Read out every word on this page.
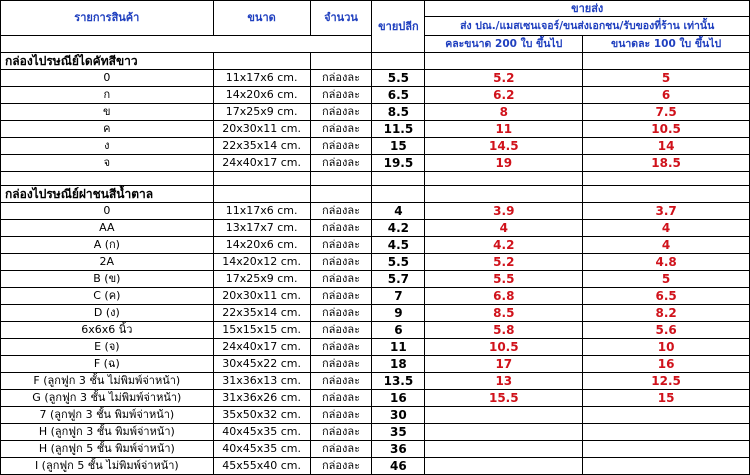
รายการสินค้า	ขนาด	จำนวน	ขายปลีก	ขายส่ง	
				ส่ง ปณ./แมสเซนเจอร์/ขนส่งเอกชน/รับของที่ร้าน เท่านั้น	
				คละขนาด 200 ใบ ขึ้นไป	ขนาดละ 100 ใบ ขึ้นไป
กล่องไปรษณีย์ไดคัทสีขาว					
0	11x17x6 cm.	กล่องละ	5.5	5.2	5
ก	14x20x6 cm.	กล่องละ	6.5	6.2	6
ข	17x25x9 cm.	กล่องละ	8.5	8	7.5
ค	20x30x11 cm.	กล่องละ	11.5	11	10.5
ง	22x35x14 cm.	กล่องละ	15	14.5	14
จ	24x40x17 cm.	กล่องละ	19.5	19	18.5

กล่องไปรษณีย์ฝาชนสีน้ำตาล					
0	11x17x6 cm.	กล่องละ	4	3.9	3.7
AA	13x17x7 cm.	กล่องละ	4.2	4	4
A (ก)	14x20x6 cm.	กล่องละ	4.5	4.2	4
2A	14x20x12 cm.	กล่องละ	5.5	5.2	4.8
B (ข)	17x25x9 cm.	กล่องละ	5.7	5.5	5
C (ค)	20x30x11 cm.	กล่องละ	7	6.8	6.5
D (ง)	22x35x14 cm.	กล่องละ	9	8.5	8.2
6x6x6 นิ้ว	15x15x15 cm.	กล่องละ	6	5.8	5.6
E (จ)	24x40x17 cm.	กล่องละ	11	10.5	10
F (ฉ)	30x45x22 cm.	กล่องละ	18	17	16
F (ลูกฟูก 3 ชั้น ไม่พิมพ์จ่าหน้า)	31x36x13 cm.	กล่องละ	13.5	13	12.5
G (ลูกฟูก 3 ชั้น ไม่พิมพ์จ่าหน้า)	31x36x26 cm.	กล่องละ	16	15.5	15
7 (ลูกฟูก 3 ชั้น พิมพ์จ่าหน้า)	35x50x32 cm.	กล่องละ	30		
H (ลูกฟูก 3 ชั้น พิมพ์จ่าหน้า)	40x45x35 cm.	กล่องละ	35		
H (ลูกฟูก 5 ชั้น พิมพ์จ่าหน้า)	40x45x35 cm.	กล่องละ	36		
I (ลูกฟูก 5 ชั้น ไม่พิมพ์จ่าหน้า)	45x55x40 cm.	กล่องละ	46		
